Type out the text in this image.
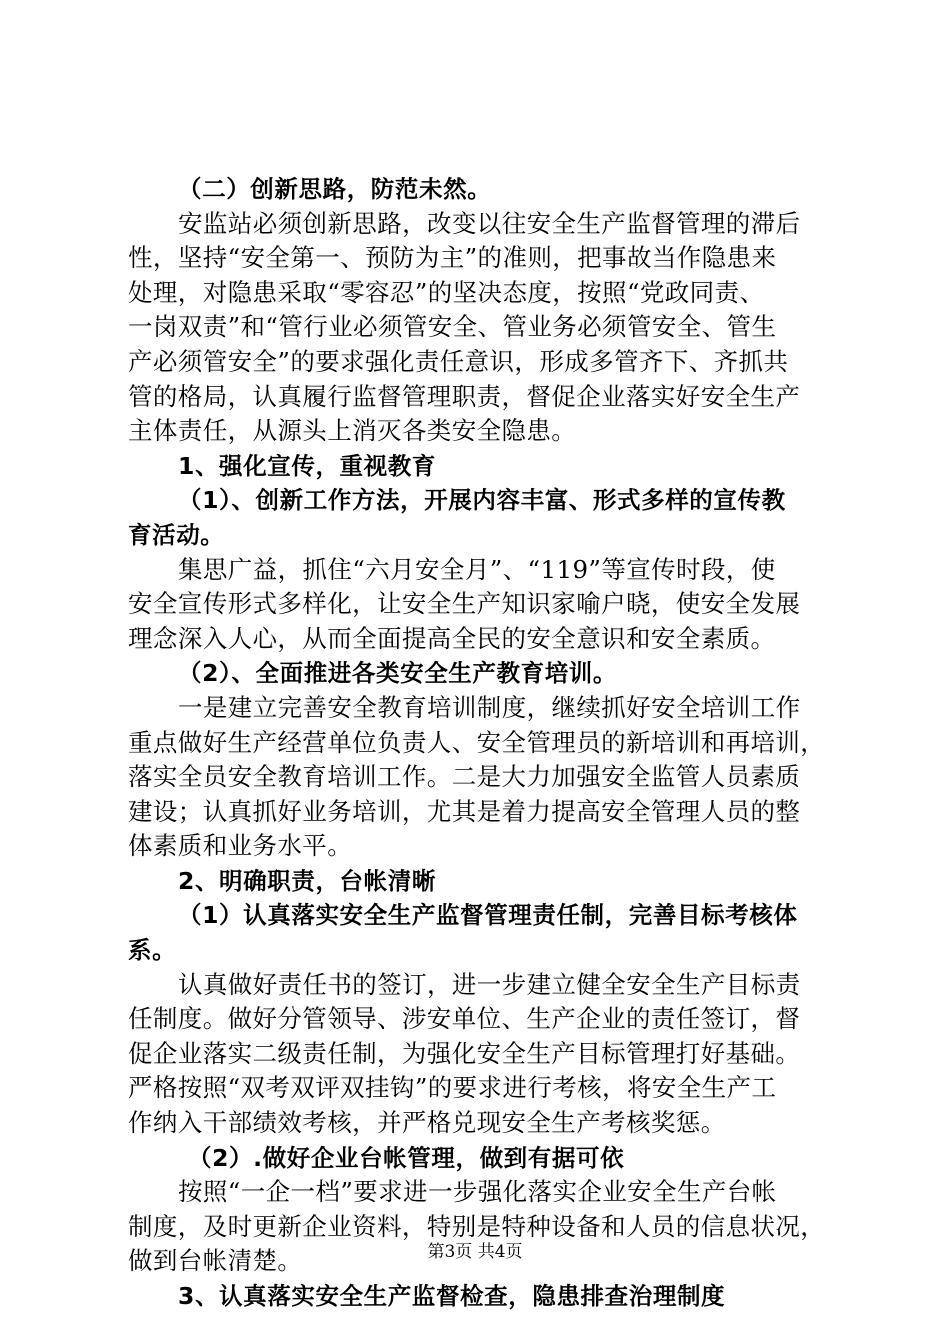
（二）创新思路，防范未然。
安监站必须创新思路，改变以往安全生产监督管理的滞后
性，坚持“安全第一、预防为主”的准则，把事故当作隐患来
处理，对隐患采取“零容忍”的坚决态度，按照“党政同责、
一岗双责”和“管行业必须管安全、管业务必须管安全、管生
产必须管安全”的要求强化责任意识，形成多管齐下、齐抓共
管的格局，认真履行监督管理职责，督促企业落实好安全生产
主体责任，从源头上消灭各类安全隐患。
1、强化宣传，重视教育
（1）、创新工作方法，开展内容丰富、形式多样的宣传教
育活动。
集思广益，抓住“六月安全月”、“119”等宣传时段，使
安全宣传形式多样化，让安全生产知识家喻户晓，使安全发展
理念深入人心，从而全面提高全民的安全意识和安全素质。
（2）、全面推进各类安全生产教育培训。
一是建立完善安全教育培训制度，继续抓好安全培训工作
重点做好生产经营单位负责人、安全管理员的新培训和再培训，
落实全员安全教育培训工作。二是大力加强安全监管人员素质
建设；认真抓好业务培训，尤其是着力提高安全管理人员的整
体素质和业务水平。
2、明确职责，台帐清晰
（1）认真落实安全生产监督管理责任制，完善目标考核体
系。
认真做好责任书的签订，进一步建立健全安全生产目标责
任制度。做好分管领导、涉安单位、生产企业的责任签订，督
促企业落实二级责任制，为强化安全生产目标管理打好基础。
严格按照“双考双评双挂钩”的要求进行考核，将安全生产工
作纳入干部绩效考核，并严格兑现安全生产考核奖惩。
（2）.做好企业台帐管理，做到有据可依
按照“一企一档”要求进一步强化落实企业安全生产台帐
制度，及时更新企业资料，特别是特种设备和人员的信息状况，
做到台帐清楚。
3、认真落实安全生产监督检查，隐患排查治理制度
第3页 共4页
